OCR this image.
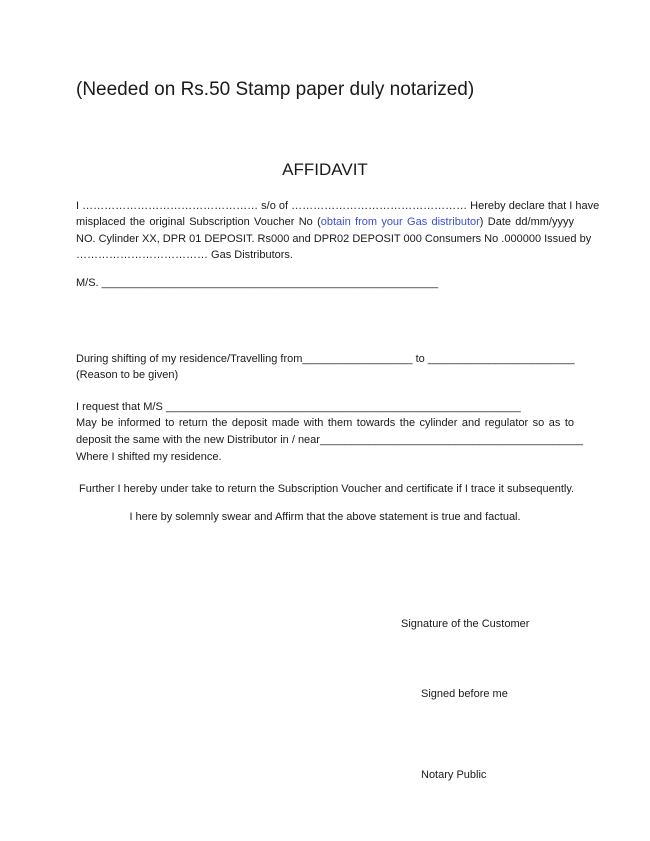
(Needed on Rs.50 Stamp paper duly notarized)
AFFIDAVIT
I ………………………………………… s/o of ………………………………………… Hereby declare that I have
misplaced the original Subscription Voucher No (obtain from your Gas distributor) Date dd/mm/yyyy
NO. Cylinder XX, DPR 01 DEPOSIT. Rs000 and DPR02 DEPOSIT 000 Consumers No .000000 Issued by
……………………………… Gas Distributors.
M/S. _______________________________________________________
During shifting of my residence/Travelling from__________________ to ________________________
(Reason to be given)
I request that M/S __________________________________________________________
May be informed to return the deposit made with them towards the cylinder and regulator so as to
deposit the same with the new Distributor in / near___________________________________________
Where I shifted my residence.
Further I hereby under take to return the Subscription Voucher and certificate if I trace it subsequently.
I here by solemnly swear and Affirm that the above statement is true and factual.
Signature of the Customer
Signed before me
Notary Public
